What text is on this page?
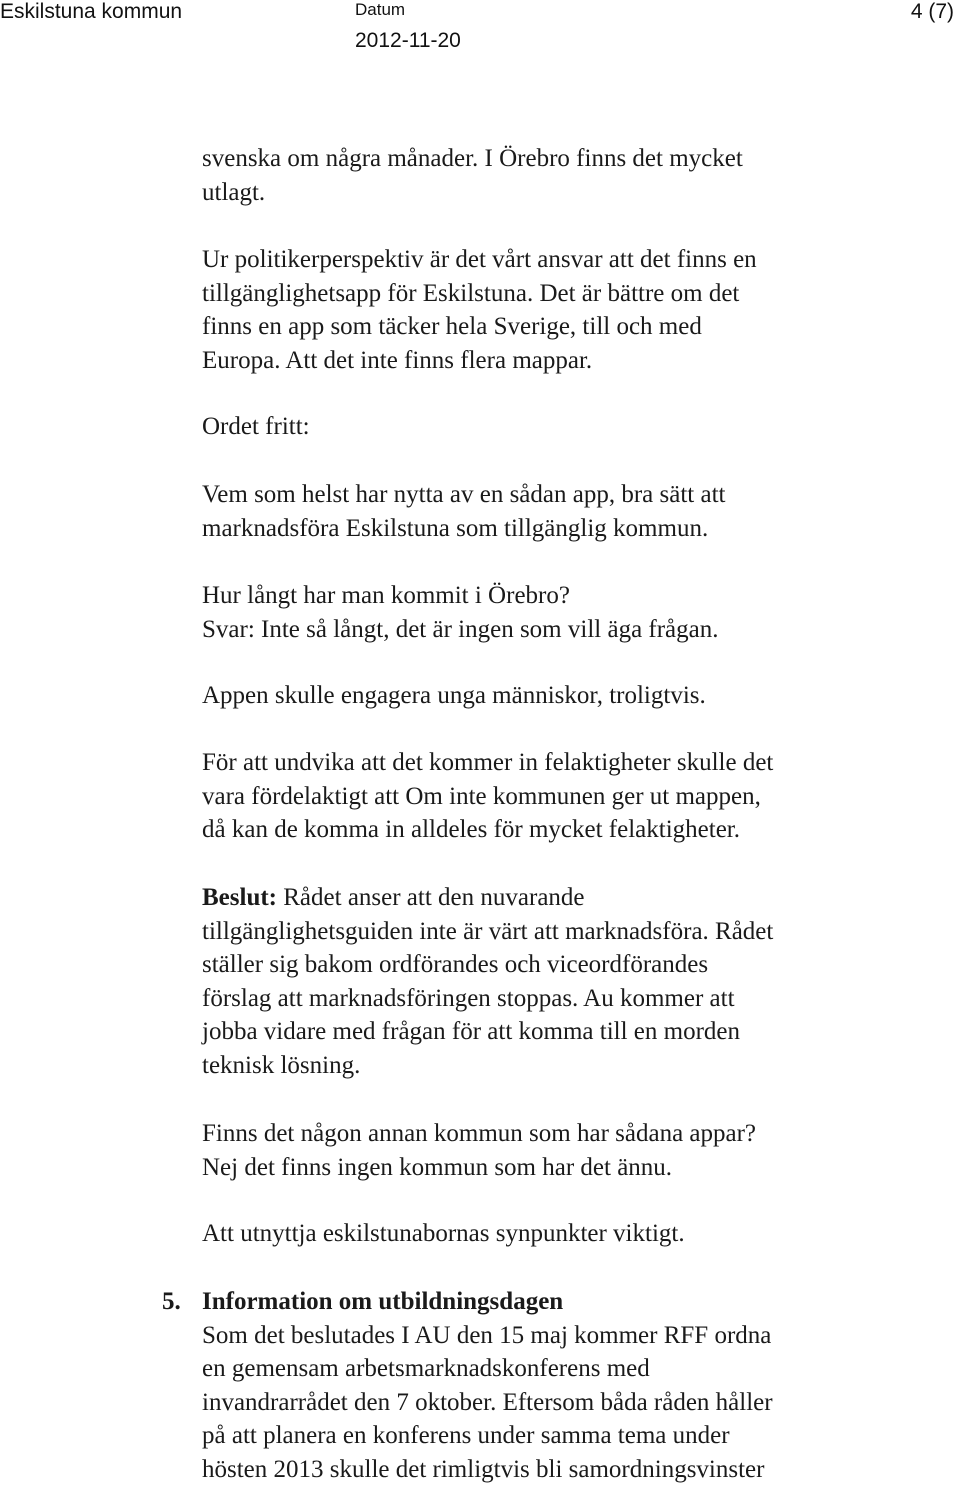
Eskilstuna kommun	Datum
2012-11-20
4 (7)
svenska om några månader. I Örebro finns det mycket
utlagt.
Ur politikerperspektiv är det vårt ansvar att det finns en
tillgänglighetsapp för Eskilstuna. Det är bättre om det
finns en app som täcker hela Sverige, till och med
Europa. Att det inte finns flera mappar.
Ordet fritt:
Vem som helst har nytta av en sådan app, bra sätt att
marknadsföra Eskilstuna som tillgänglig kommun.
Hur långt har man kommit i Örebro?
Svar: Inte så långt, det är ingen som vill äga frågan.
Appen skulle engagera unga människor, troligtvis.
För att undvika att det kommer in felaktigheter skulle det
vara fördelaktigt att Om inte kommunen ger ut mappen,
då kan de komma in alldeles för mycket felaktigheter.
Beslut: Rådet anser att den nuvarande
tillgänglighetsguiden inte är värt att marknadsföra. Rådet
ställer sig bakom ordförandes och viceordförandes
förslag att marknadsföringen stoppas. Au kommer att
jobba vidare med frågan för att komma till en morden
teknisk lösning.
Finns det någon annan kommun som har sådana appar?
Nej det finns ingen kommun som har det ännu.
Att utnyttja eskilstunabornas synpunkter viktigt.
5. Information om utbildningsdagen
Som det beslutades I AU den 15 maj kommer RFF ordna
en gemensam arbetsmarknadskonferens med
invandrarrådet den 7 oktober. Eftersom båda råden håller
på att planera en konferens under samma tema under
hösten 2013 skulle det rimligtvis bli samordningsvinster
